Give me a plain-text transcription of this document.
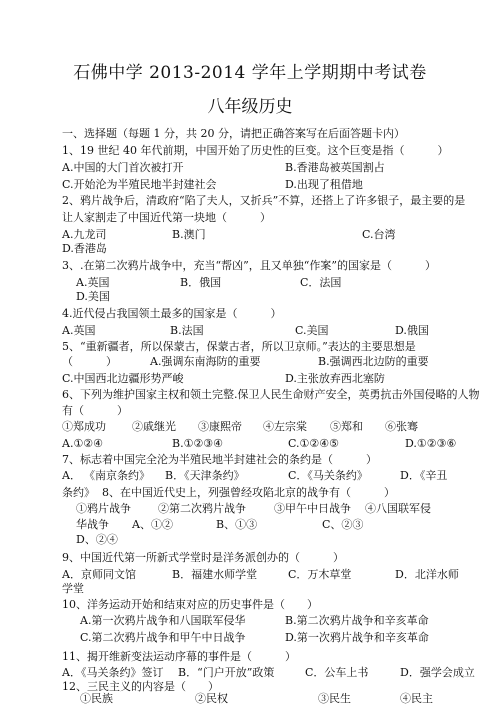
石佛中学 2013-2014 学年上学期期中考试卷
八年级历史
一、选择题（每题 1 分，共 20 分，请把正确答案写在后面答题卡内）
1、19 世纪 40 年代前期，中国开始了历史性的巨变。这个巨变是指（　　　）
A.中国的大门首次被打开	B.香港岛被英国割占
C.开始沦为半殖民地半封建社会	D.出现了租借地
2、鸦片战争后，清政府“陷了夫人，又折兵”不算，还搭上了许多银子，最主要的是
让人家割走了中国近代第一块地（　　　）
A.九龙司	B.澳门	C.台湾
D.香港岛
3、.在第二次鸦片战争中，充当“帮凶”，且又单独“作案”的国家是（　　　）
A.英国	B．俄国	C．法国
D.美国
4.近代侵占我国领土最多的国家是（　　　）
A.英国	B.法国	C.美国	D.俄国
5、“重新疆者，所以保蒙古，保蒙古者，所以卫京师。”表达的主要思想是
（　　　）	A.强调东南海防的重要	B.强调西北边防的重要
C.中国西北边疆形势严峻	D.主张放弃西北塞防
6、下列为维护国家主权和领土完整.保卫人民生命财产安全，英勇抗击外国侵略的人物
有（　　　）
①郑成功 ②戚继光 ③康熙帝 ④左宗棠 ⑤郑和 ⑥张骞
A.①②④	B.①②③④	C.①②④⑤	D.①②③⑥
7、标志着中国完全沦为半殖民地半封建社会的条约是（　　　）
A． 《南京条约》 B．《天津条约》	C．《马关条约》	D．《辛丑
条约》 8、在中国近代史上，列强曾经攻陷北京的战争有（　　　）
①鸦片战争 ②第二次鸦片战争	③甲午中日战争 ④八国联军侵
华战争 A、①②	B、①③	C、②③
D、②④
9、中国近代第一所新式学堂时是洋务派创办的（　　　）
A．京师同文馆	B．福建水师学堂	C．万木草堂	D．北洋水师
学堂
10、洋务运动开始和结束对应的历史事件是（　　）
A.第一次鸦片战争和八国联军侵华	B.第二次鸦片战争和辛亥革命
C.第二次鸦片战争和甲午中日战争	D.第一次鸦片战争和辛亥革命
11、揭开维新变法运动序幕的事件是（　　　）
A．《马关条约》签订 B．“门户开放”政策	C．公车上书	D．强学会成立
12、三民主义的内容是（　　）
①民族	②民权	③民生	④民主
